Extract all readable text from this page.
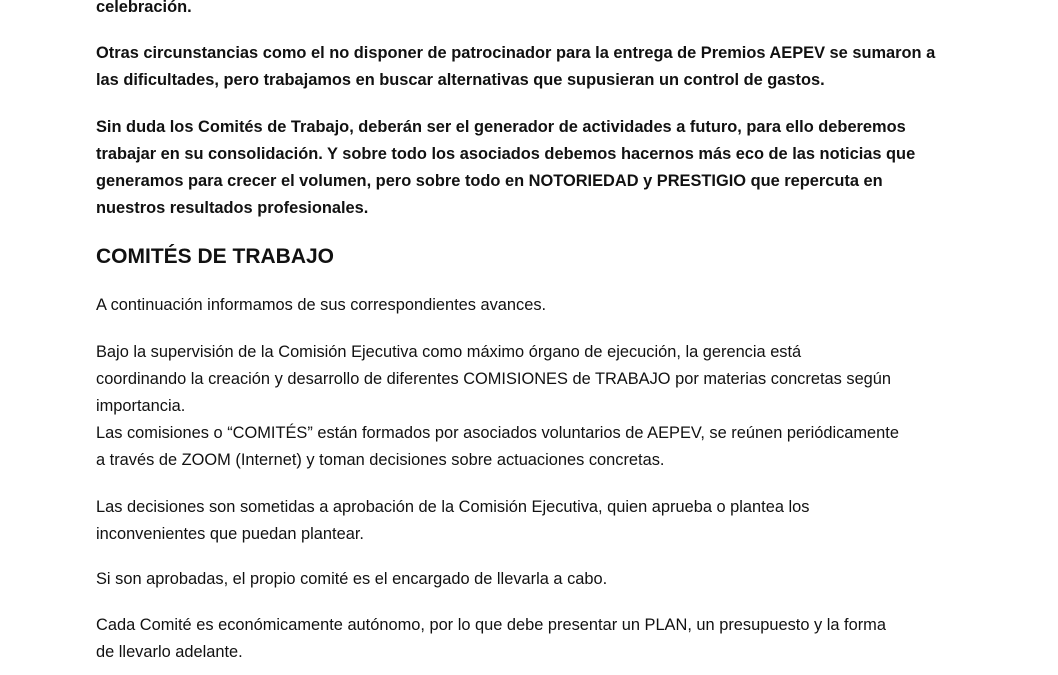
celebración.

Otras circunstancias como el no disponer de patrocinador para la entrega de Premios AEPEV se sumaron a
las dificultades, pero trabajamos en buscar alternativas que supusieran un control de gastos.

Sin duda los Comités de Trabajo, deberán ser el generador de actividades a futuro, para ello deberemos
trabajar en su consolidación. Y sobre todo los asociados debemos hacernos más eco de las noticias que
generamos para crecer el volumen, pero sobre todo en NOTORIEDAD y PRESTIGIO que repercuta en
nuestros resultados profesionales.

COMITÉS DE TRABAJO

A continuación informamos de sus correspondientes avances.

Bajo la supervisión de la Comisión Ejecutiva como máximo órgano de ejecución, la gerencia está
coordinando la creación y desarrollo de diferentes COMISIONES de TRABAJO por materias concretas según
importancia.
Las comisiones o “COMITÉS” están formados por asociados voluntarios de AEPEV, se reúnen periódicamente
a través de ZOOM (Internet) y toman decisiones sobre actuaciones concretas.

Las decisiones son sometidas a aprobación de la Comisión Ejecutiva, quien aprueba o plantea los
inconvenientes que puedan plantear.

Si son aprobadas, el propio comité es el encargado de llevarla a cabo.

Cada Comité es económicamente autónomo, por lo que debe presentar un PLAN, un presupuesto y la forma
de llevarlo adelante.
